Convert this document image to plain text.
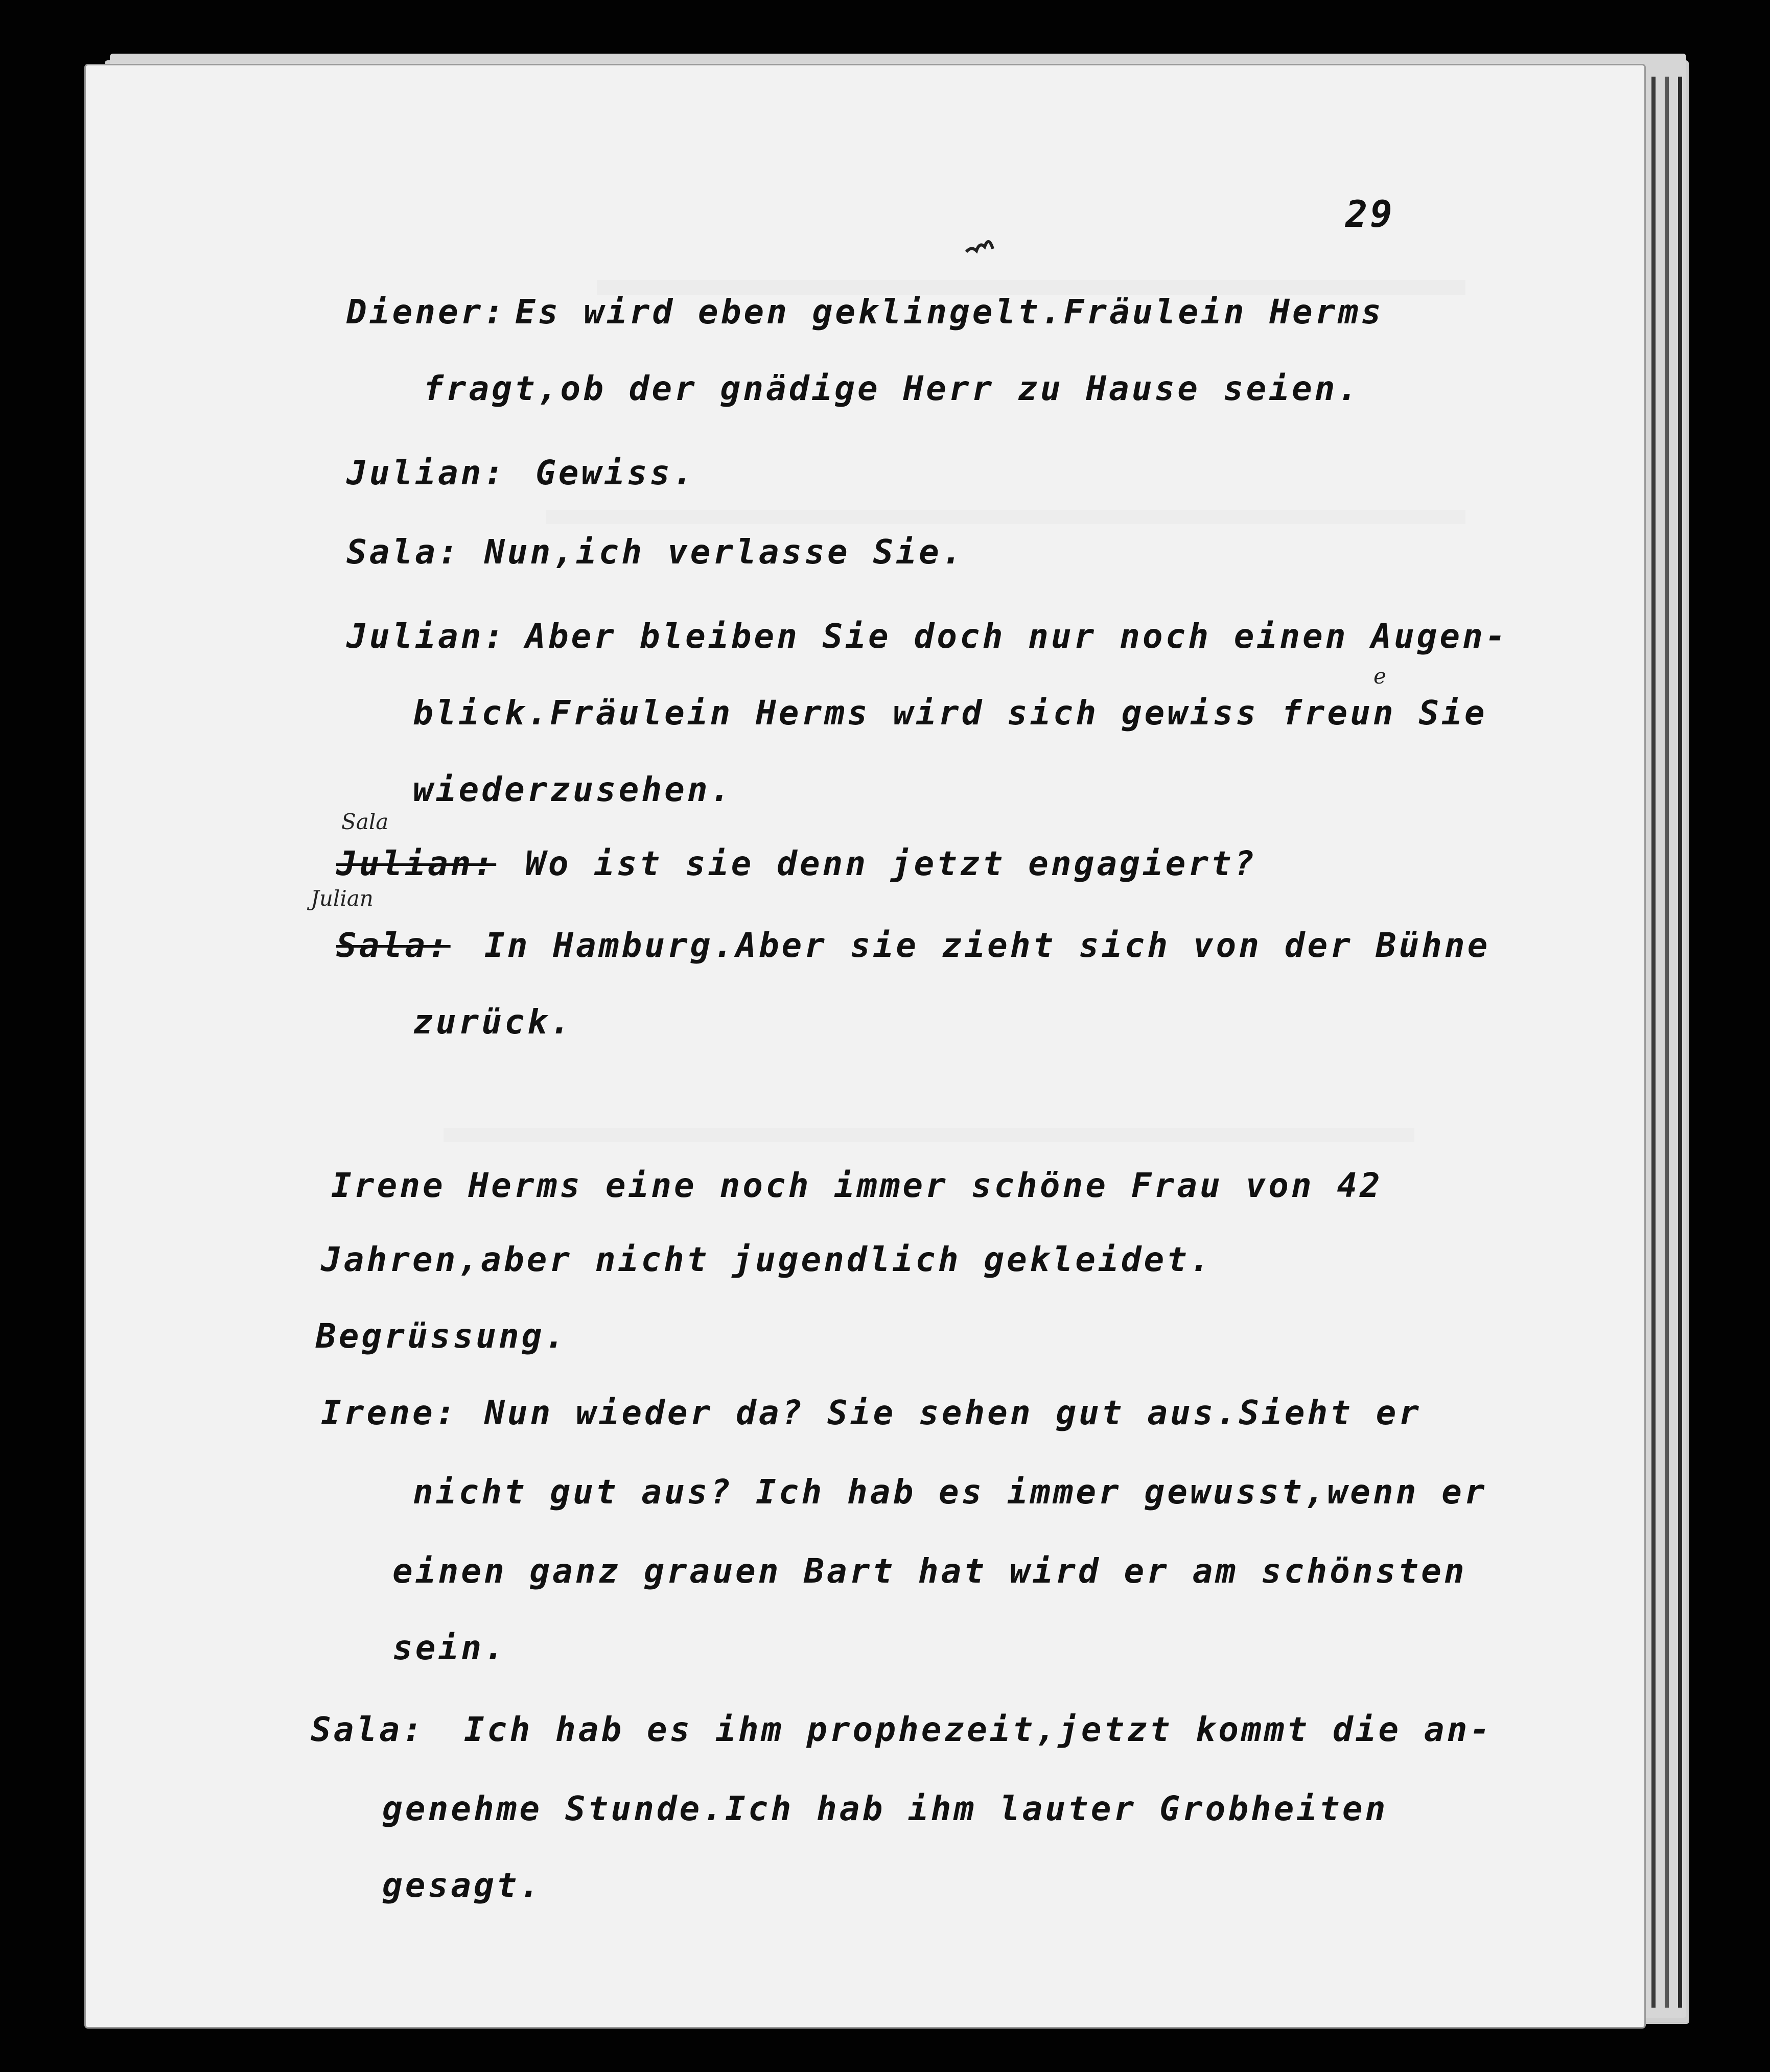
29
Diener: Es wird eben geklingelt.Fräulein Herms
fragt,ob der gnädige Herr zu Hause seien.
Julian: Gewiss.
Sala: Nun,ich verlasse Sie.
Julian: Aber bleiben Sie doch nur noch einen Augen-
blick.Fräulein Herms wird sich gewiss freun Sie
e
wiederzusehen.
Sala
Julian: Wo ist sie denn jetzt engagiert?
Julian
Sala: In Hamburg.Aber sie zieht sich von der Bühne
zurück.
Irene Herms eine noch immer schöne Frau von 42
Jahren,aber nicht jugendlich gekleidet.
Begrüssung.
Irene: Nun wieder da? Sie sehen gut aus.Sieht er
nicht gut aus? Ich hab es immer gewusst,wenn er
einen ganz grauen Bart hat wird er am schönsten
sein.
Sala: Ich hab es ihm prophezeit,jetzt kommt die an-
genehme Stunde.Ich hab ihm lauter Grobheiten
gesagt.
